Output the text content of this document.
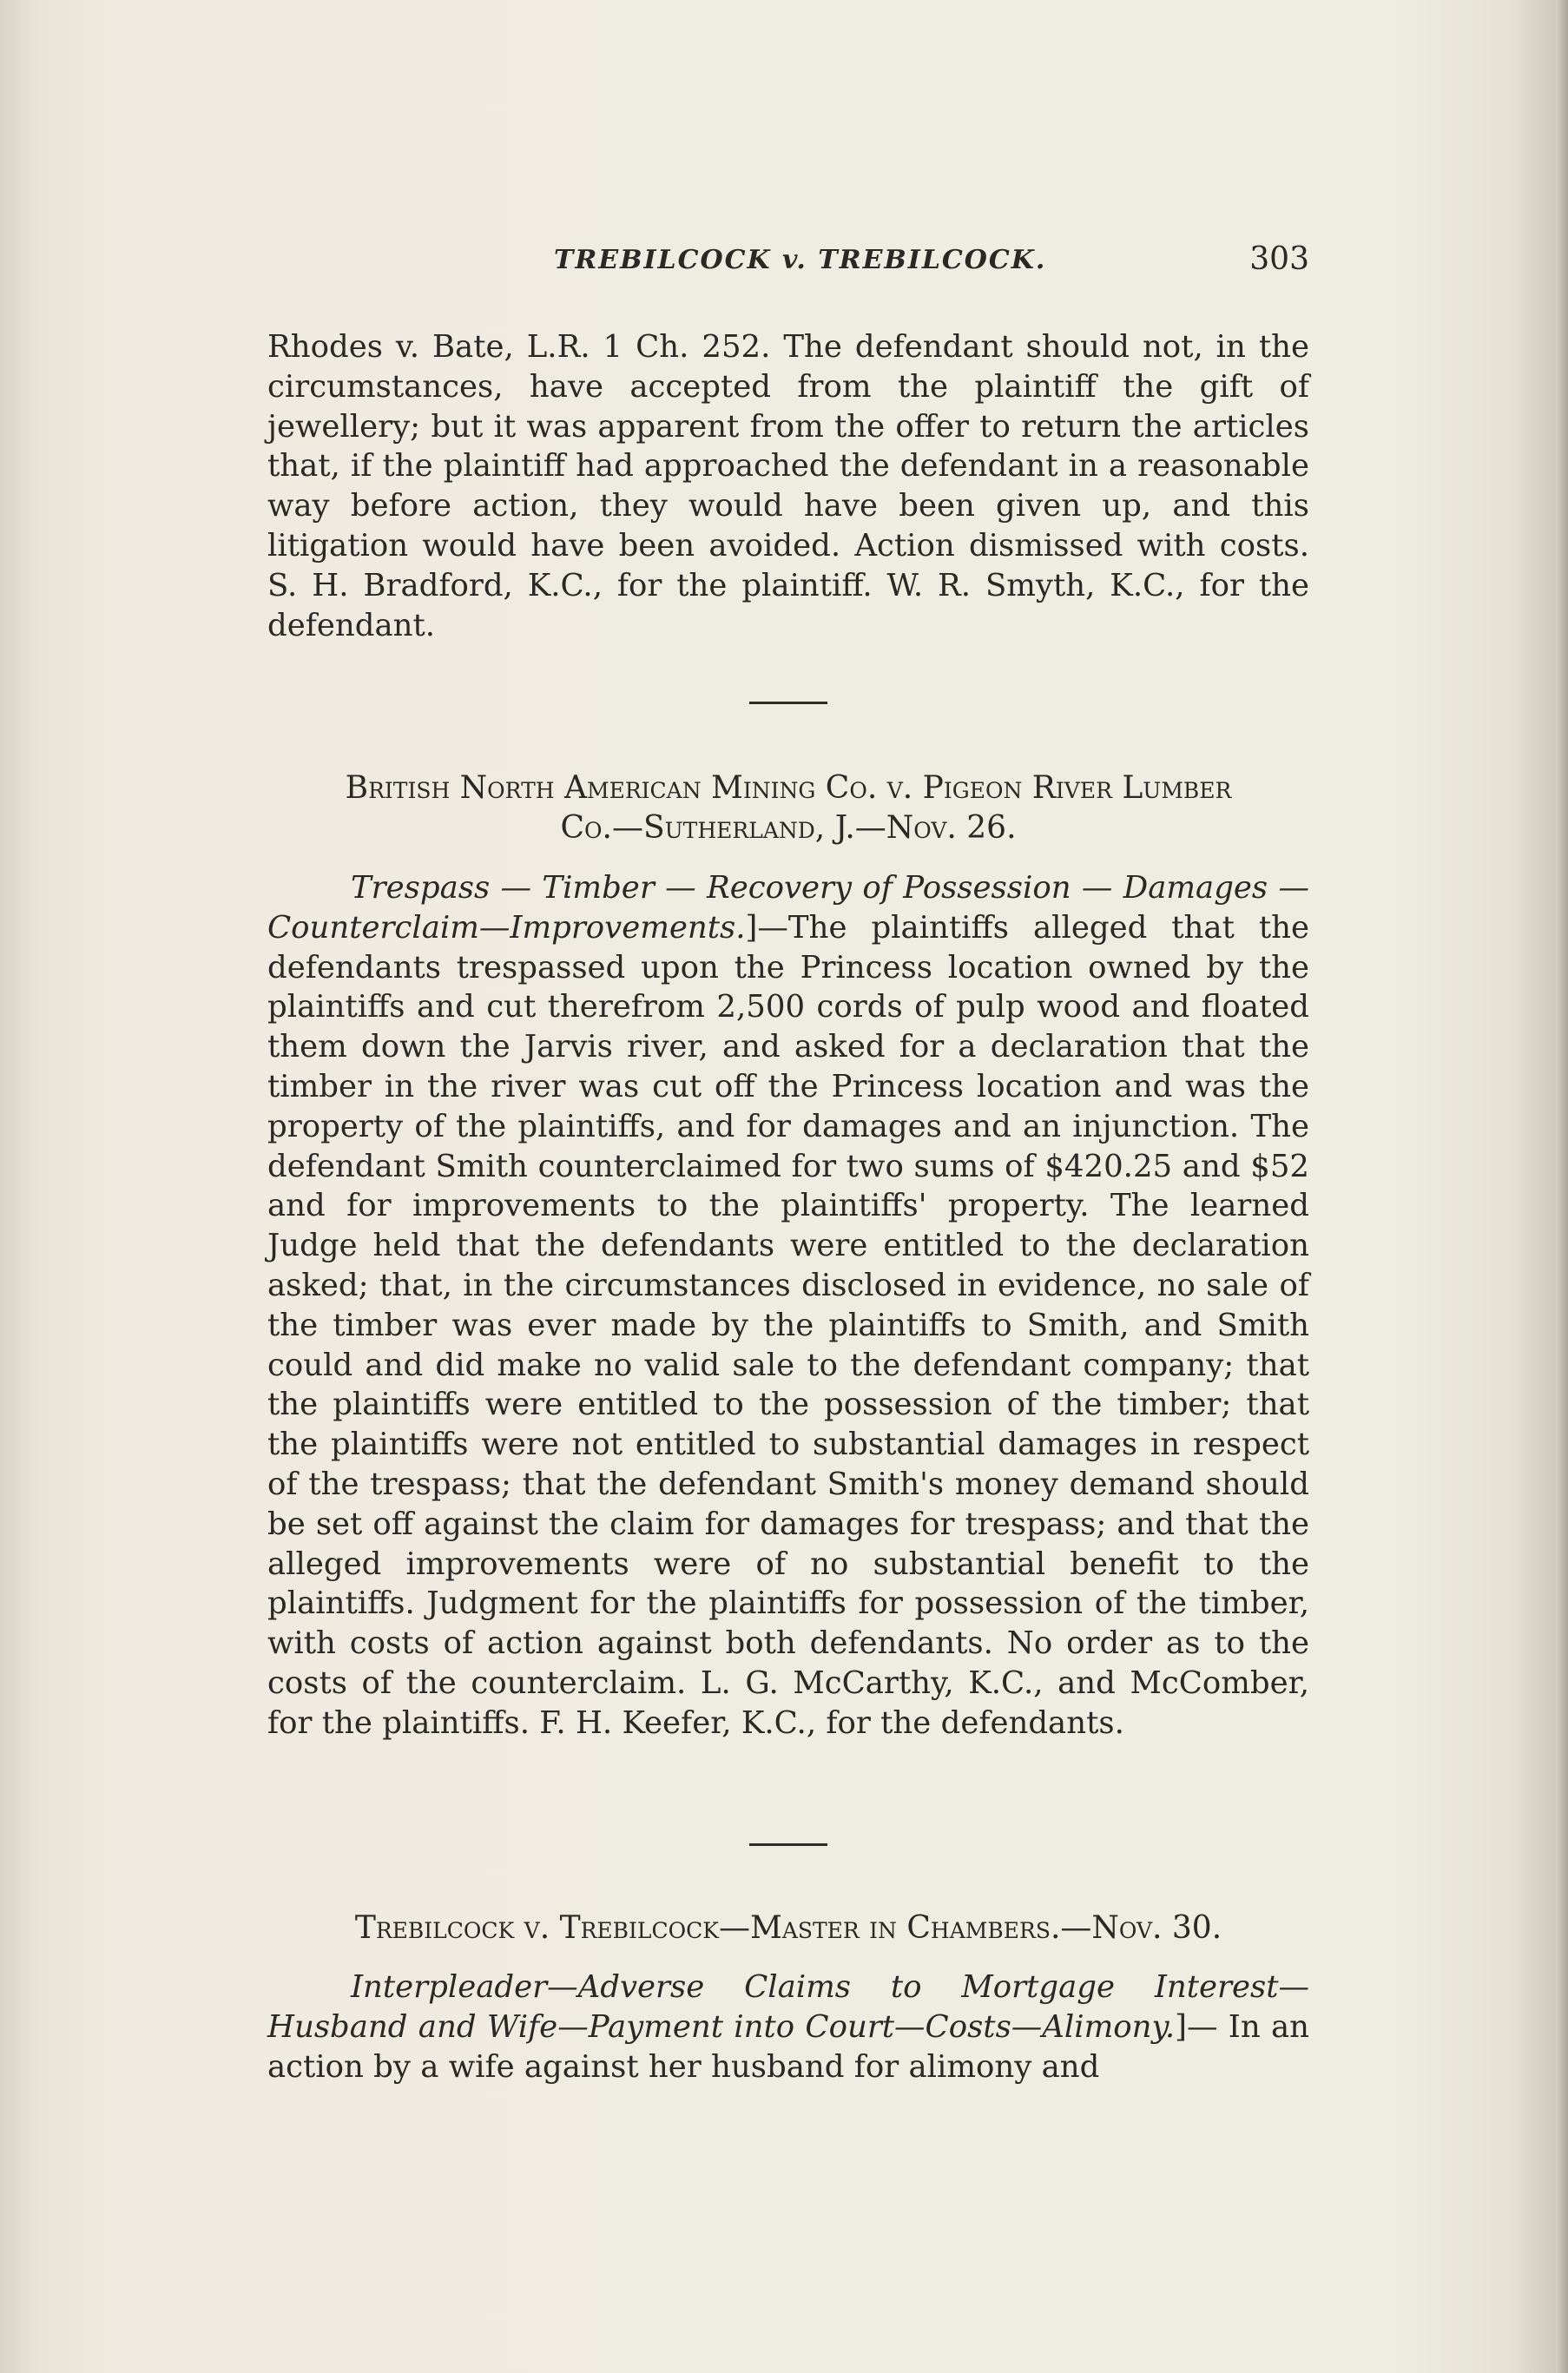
TREBILCOCK v. TREBILCOCK.	303
Rhodes v. Bate, L.R. 1 Ch. 252. The defendant should not, in the circumstances, have accepted from the plaintiff the gift of jewellery; but it was apparent from the offer to return the articles that, if the plaintiff had approached the defendant in a reasonable way before action, they would have been given up, and this litigation would have been avoided. Action dismissed with costs. S. H. Bradford, K.C., for the plaintiff. W. R. Smyth, K.C., for the defendant.
British North American Mining Co. v. Pigeon River Lumber
Co.—Sutherland, J.—Nov. 26.
Trespass — Timber — Recovery of Possession — Damages — Counterclaim—Improvements.]—The plaintiffs alleged that the defendants trespassed upon the Princess location owned by the plaintiffs and cut therefrom 2,500 cords of pulp wood and floated them down the Jarvis river, and asked for a declaration that the timber in the river was cut off the Princess location and was the property of the plaintiffs, and for damages and an injunction. The defendant Smith counterclaimed for two sums of $420.25 and $52 and for improvements to the plaintiffs' property. The learned Judge held that the defendants were entitled to the declaration asked; that, in the circumstances disclosed in evidence, no sale of the timber was ever made by the plaintiffs to Smith, and Smith could and did make no valid sale to the defendant company; that the plaintiffs were entitled to the possession of the timber; that the plaintiffs were not entitled to substantial damages in respect of the trespass; that the defendant Smith's money demand should be set off against the claim for damages for trespass; and that the alleged improvements were of no substantial benefit to the plaintiffs. Judgment for the plaintiffs for possession of the timber, with costs of action against both defendants. No order as to the costs of the counterclaim. L. G. McCarthy, K.C., and McComber, for the plaintiffs. F. H. Keefer, K.C., for the defendants.
Trebilcock v. Trebilcock—Master in Chambers.—Nov. 30.
Interpleader—Adverse Claims to Mortgage Interest—Husband and Wife—Payment into Court—Costs—Alimony.]— In an action by a wife against her husband for alimony and
